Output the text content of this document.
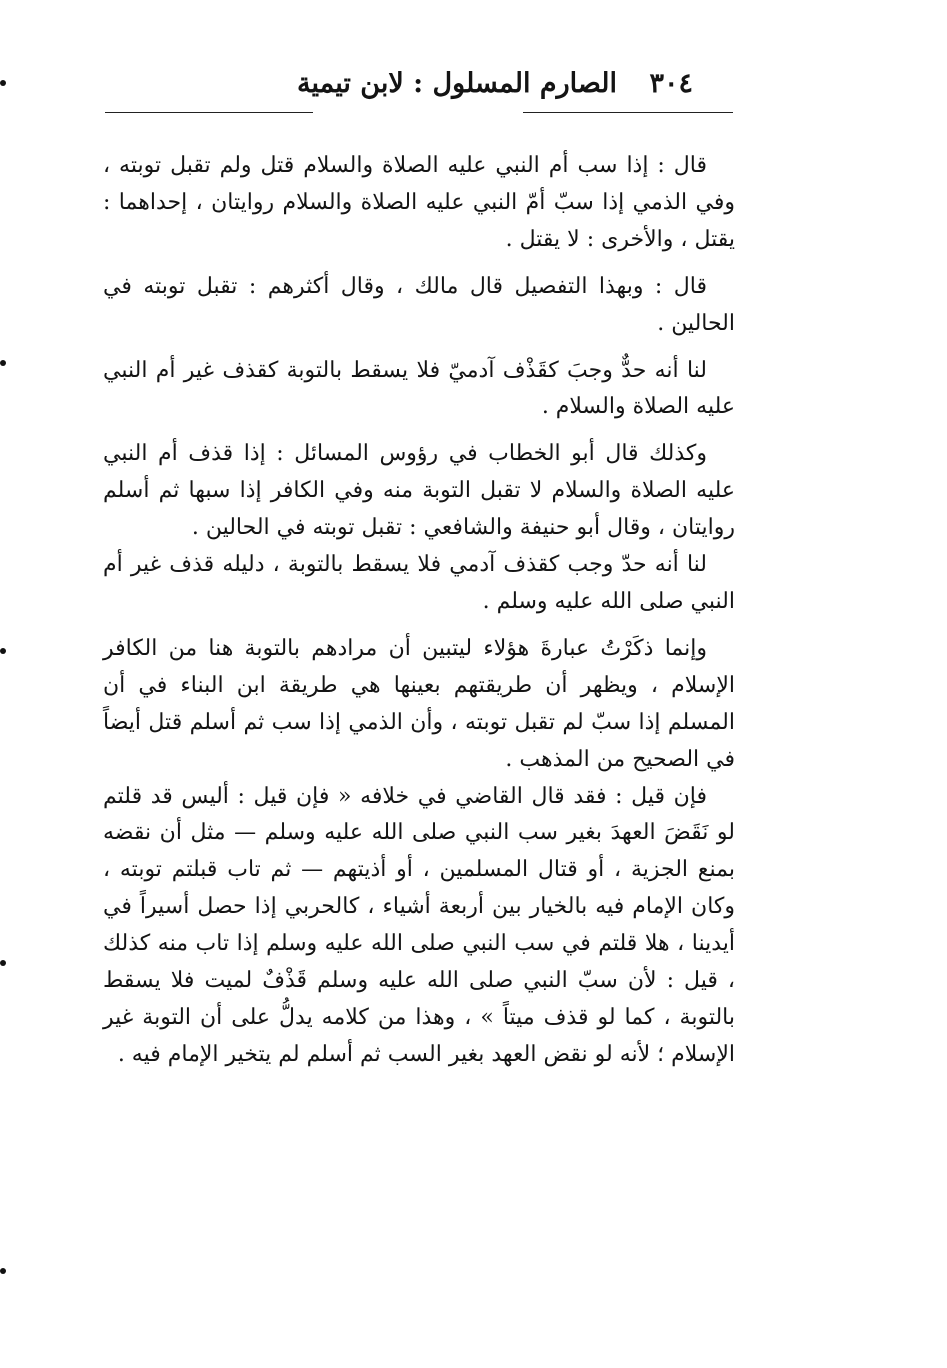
٣٠٤
الصارم المسلول : لابن تيمية

قال : إذا سب أم النبي عليه الصلاة والسلام قتل ولم تقبل توبته ، وفي الذمي إذا سبّ أمّ النبي عليه الصلاة والسلام روايتان ، إحداهما : يقتل ، والأخرى : لا يقتل .

قال : وبهذا التفصيل قال مالك ، وقال أكثرهم : تقبل توبته في الحالين .

لنا أنه حدٌّ وجبَ كقَذْف آدميّ فلا يسقط بالتوبة كقذف غير أم النبي عليه الصلاة والسلام .

وكذلك قال أبو الخطاب في رؤوس المسائل : إذا قذف أم النبي عليه الصلاة والسلام لا تقبل التوبة منه وفي الكافر إذا سبها ثم أسلم روايتان ، وقال أبو حنيفة والشافعي : تقبل توبته في الحالين .

لنا أنه حدّ وجب كقذف آدمي فلا يسقط بالتوبة ، دليله قذف غير أم النبي صلى الله عليه وسلم .

وإنما ذكَرْتُ عبارةَ هؤلاء ليتبين أن مرادهم بالتوبة هنا من الكافر الإسلام ، ويظهر أن طريقتهم بعينها هي طريقة ابن البناء في أن المسلم إذا سبّ لم تقبل توبته ، وأن الذمي إذا سب ثم أسلم قتل أيضاً في الصحيح من المذهب .

فإن قيل : فقد قال القاضي في خلافه « فإن قيل : أليس قد قلتم لو نَقَضَ العهدَ بغير سب النبي صلى الله عليه وسلم — مثل أن نقضه بمنع الجزية ، أو قتال المسلمين ، أو أذيتهم — ثم تاب قبلتم توبته ، وكان الإمام فيه بالخيار بين أربعة أشياء ، كالحربي إذا حصل أسيراً في أيدينا ، هلا قلتم في سب النبي صلى الله عليه وسلم إذا تاب منه كذلك ، قيل : لأن سبّ النبي صلى الله عليه وسلم قَذْفٌ لميت فلا يسقط بالتوبة ، كما لو قذف ميتاً » ، وهذا من كلامه يدلُّ على أن التوبة غير الإسلام ؛ لأنه لو نقض العهد بغير السب ثم أسلم لم يتخير الإمام فيه .
